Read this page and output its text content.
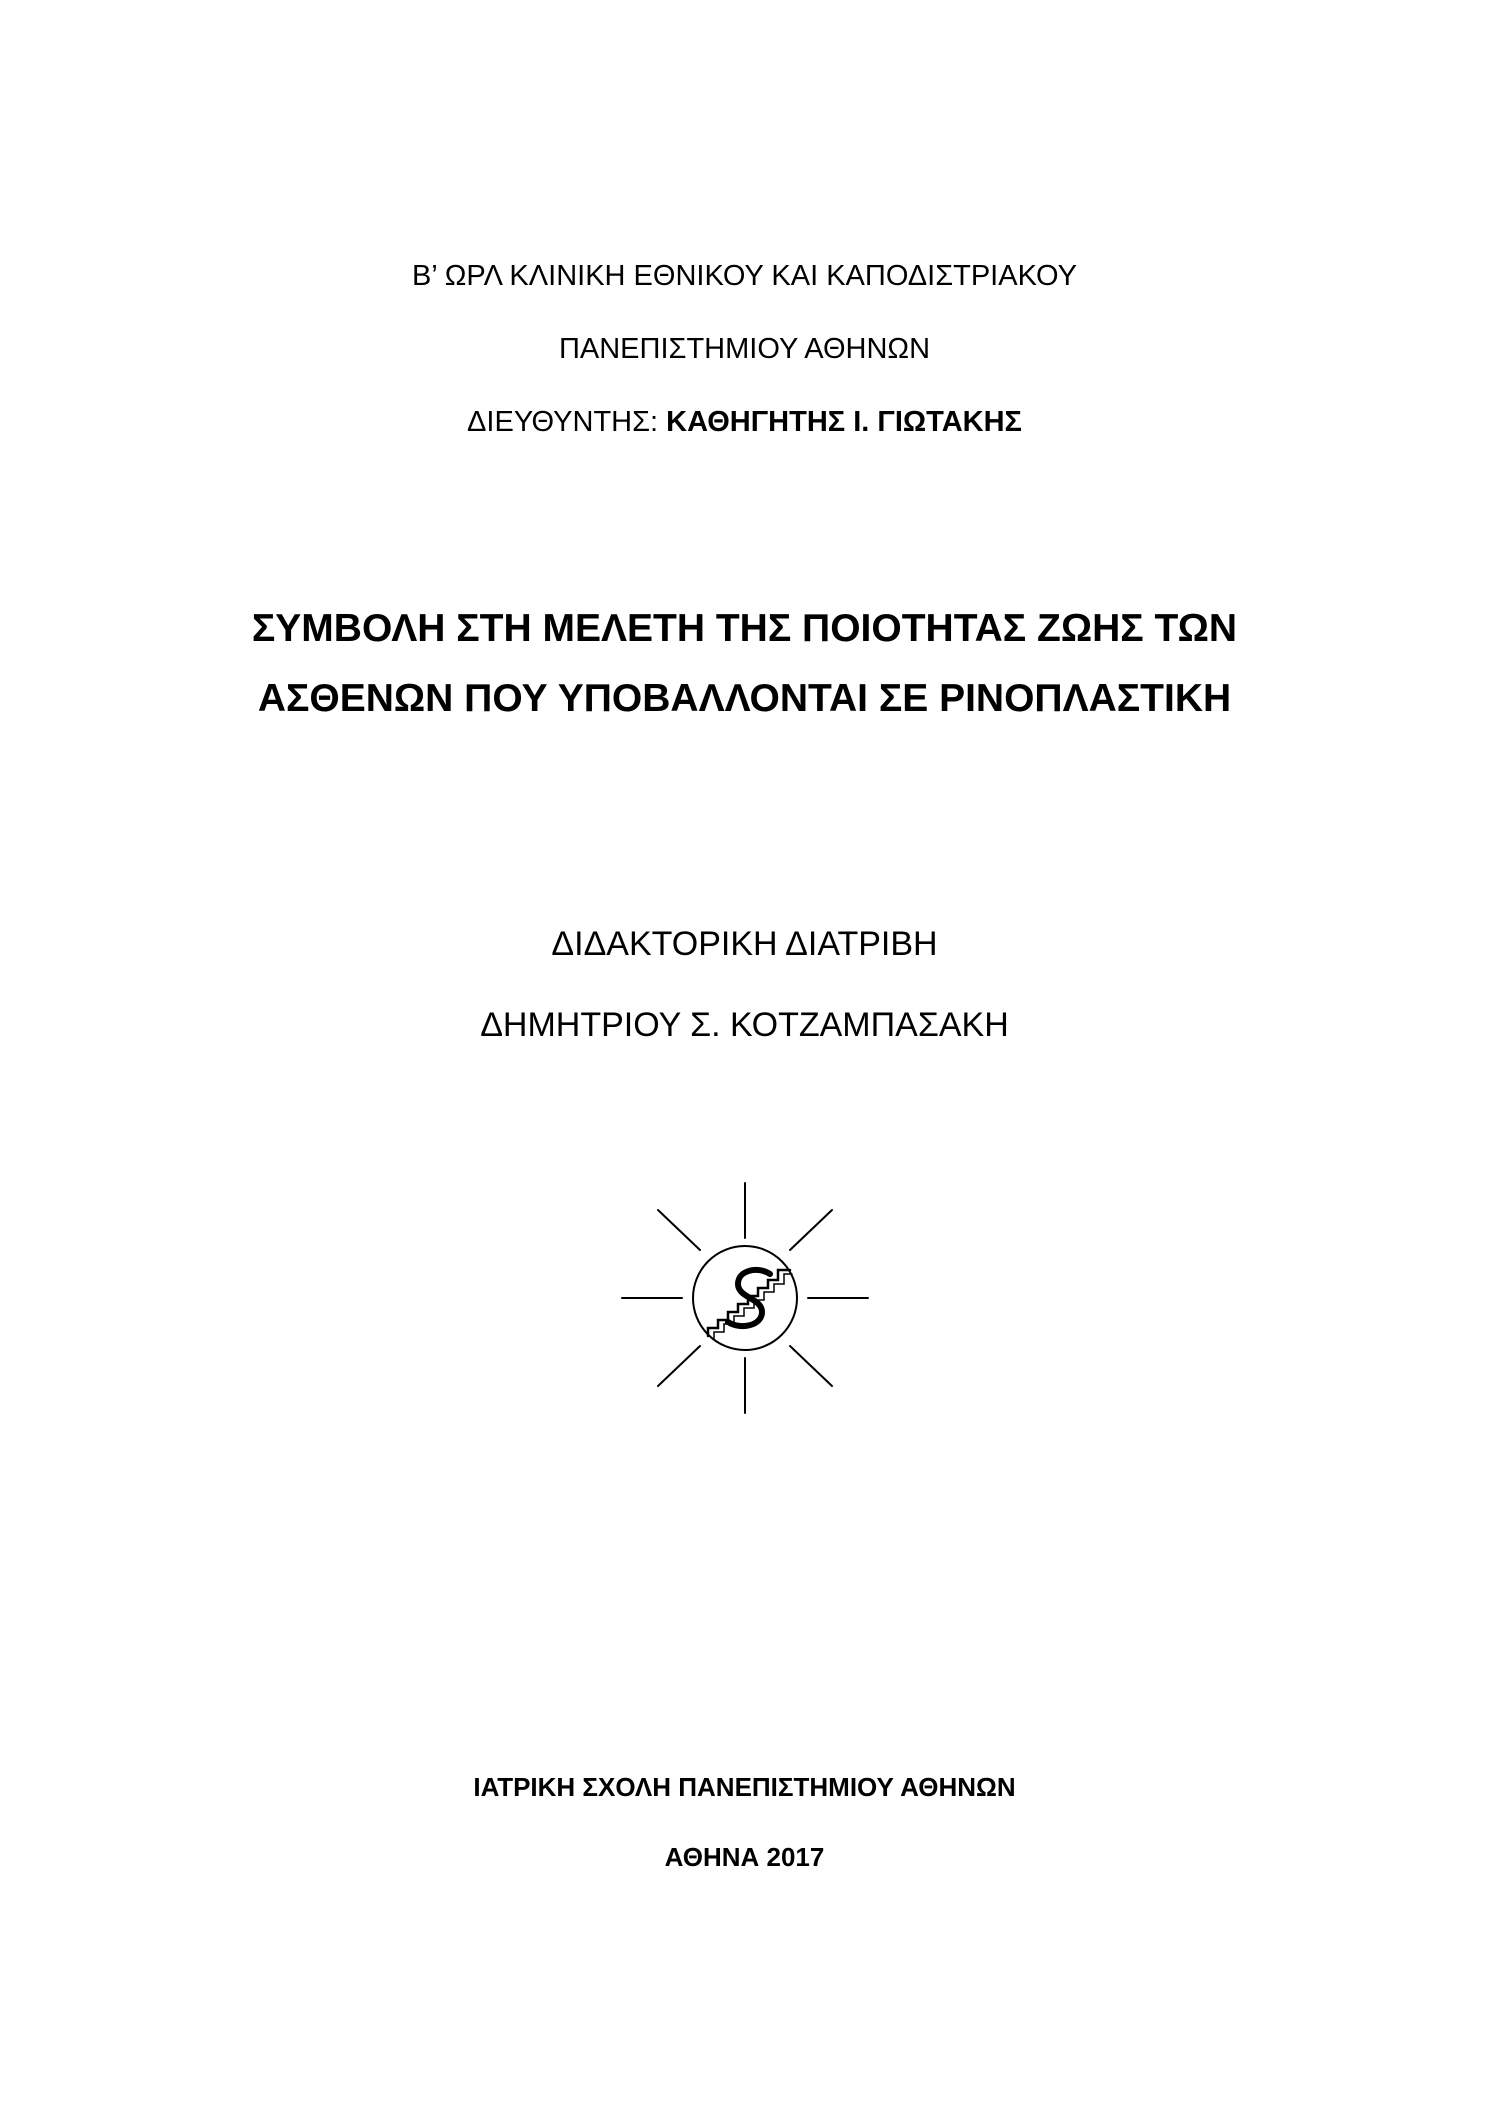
Β’ ΩΡΛ ΚΛΙΝΙΚΗ ΕΘΝΙΚΟΥ ΚΑΙ ΚΑΠΟΔΙΣΤΡΙΑΚΟΥ
ΠΑΝΕΠΙΣΤΗΜΙΟΥ ΑΘΗΝΩΝ
ΔΙΕΥΘΥΝΤΗΣ: ΚΑΘΗΓΗΤΗΣ Ι. ΓΙΩΤΑΚΗΣ
ΣΥΜΒΟΛΗ ΣΤΗ ΜΕΛΕΤΗ ΤΗΣ ΠΟΙΟΤΗΤΑΣ ΖΩΗΣ ΤΩΝ
ΑΣΘΕΝΩΝ ΠΟΥ ΥΠΟΒΑΛΛΟΝΤΑΙ ΣΕ ΡΙΝΟΠΛΑΣΤΙΚΗ
ΔΙΔΑΚΤΟΡΙΚΗ ΔΙΑΤΡΙΒΗ
ΔΗΜΗΤΡΙΟΥ Σ. ΚΟΤΖΑΜΠΑΣΑΚΗ
ΙΑΤΡΙΚΗ ΣΧΟΛΗ ΠΑΝΕΠΙΣΤΗΜΙΟΥ ΑΘΗΝΩΝ
ΑΘΗΝΑ 2017
